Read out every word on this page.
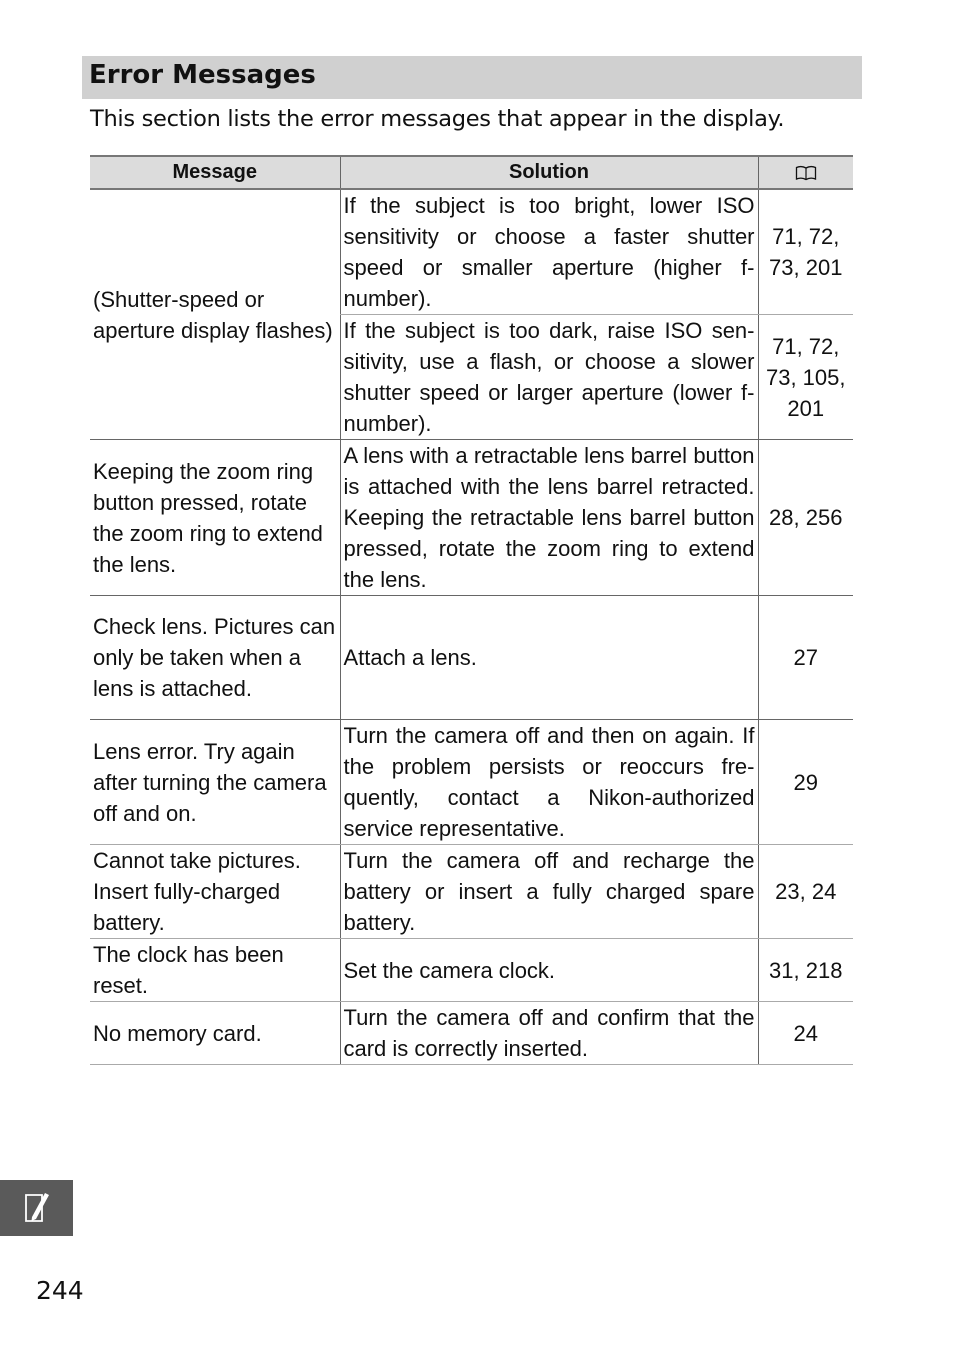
Error Messages
This section lists the error messages that appear in the display.
Message	Solution	
(Shutter-speed or aperture display flashes)	If the subject is too bright, lower ISO sensitivity or choose a faster shutter speed or smaller aperture (higher f-number).	71, 72, 73, 201
	If the subject is too dark, raise ISO sensitivity, use a flash, or choose a slower shutter speed or larger aperture (lower f-number).	71, 72, 73, 105, 201
Keeping the zoom ring button pressed, rotate the zoom ring to extend the lens.	A lens with a retractable lens barrel button is attached with the lens barrel retracted. Keeping the retractable lens barrel button pressed, rotate the zoom ring to extend the lens.	28, 256
Check lens. Pictures can only be taken when a lens is attached.	Attach a lens.	27
Lens error. Try again after turning the camera off and on.	Turn the camera off and then on again. If the problem persists or reoccurs frequently, contact a Nikon-authorized service representative.	29
Cannot take pictures. Insert fully-charged battery.	Turn the camera off and recharge the battery or insert a fully charged spare battery.	23, 24
The clock has been reset.	Set the camera clock.	31, 218
No memory card.	Turn the camera off and confirm that the card is correctly inserted.	24
244
